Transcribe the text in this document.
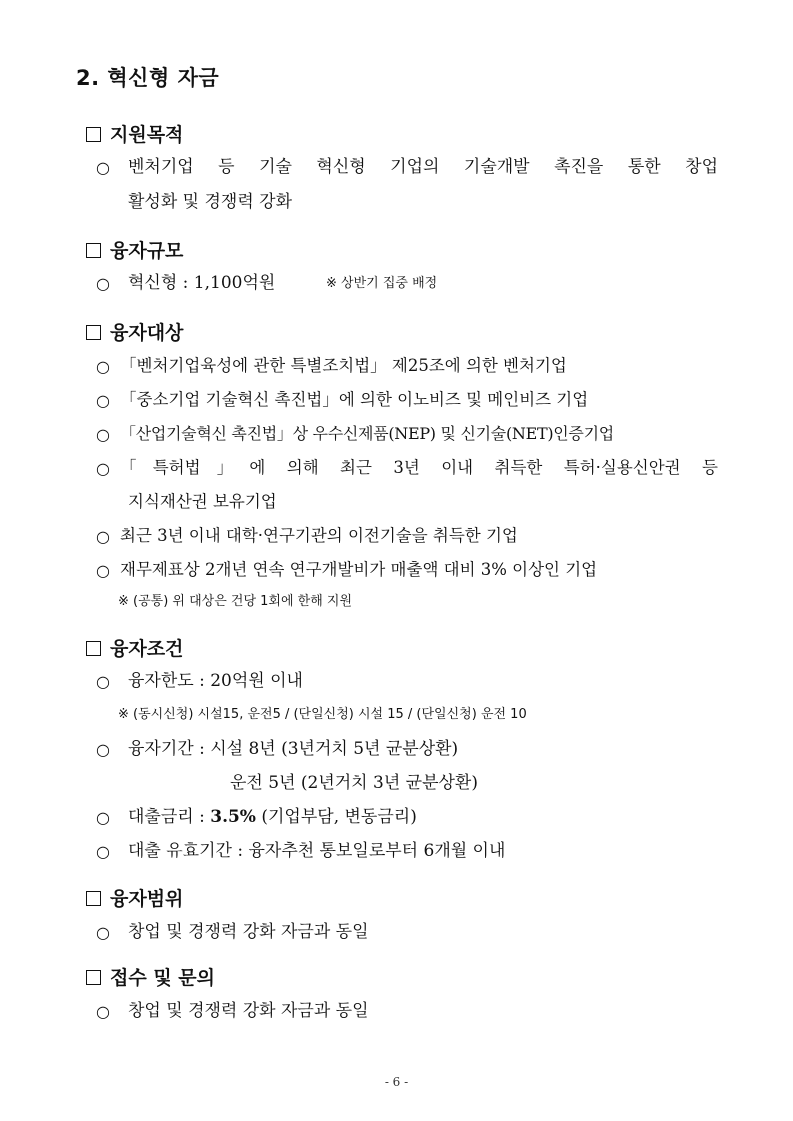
2. 혁신형 자금
지원목적
○ 벤처기업 등 기술 혁신형 기업의 기술개발 촉진을 통한 창업
활성화 및 경쟁력 강화
융자규모
○ 혁신형 : 1,100억원	※ 상반기 집중 배정
융자대상
○ 「벤처기업육성에 관한 특별조치법」 제25조에 의한 벤처기업
○ 「중소기업 기술혁신 촉진법」에 의한 이노비즈 및 메인비즈 기업
○ 「산업기술혁신 촉진법」상 우수신제품(NEP) 및 신기술(NET)인증기업
○ 「특허법」에 의해 최근 3년 이내 취득한 특허·실용신안권 등
지식재산권 보유기업
○ 최근 3년 이내 대학·연구기관의 이전기술을 취득한 기업
○ 재무제표상 2개년 연속 연구개발비가 매출액 대비 3% 이상인 기업
※ (공통) 위 대상은 건당 1회에 한해 지원
융자조건
○ 융자한도 : 20억원 이내
※ (동시신청) 시설15, 운전5 / (단일신청) 시설 15 / (단일신청) 운전 10
○ 융자기간 : 시설 8년 (3년거치 5년 균분상환)
운전 5년 (2년거치 3년 균분상환)
○ 대출금리 : 3.5% (기업부담, 변동금리)
○ 대출 유효기간 : 융자추천 통보일로부터 6개월 이내
융자범위
○ 창업 및 경쟁력 강화 자금과 동일
접수 및 문의
○ 창업 및 경쟁력 강화 자금과 동일
- 6 -
